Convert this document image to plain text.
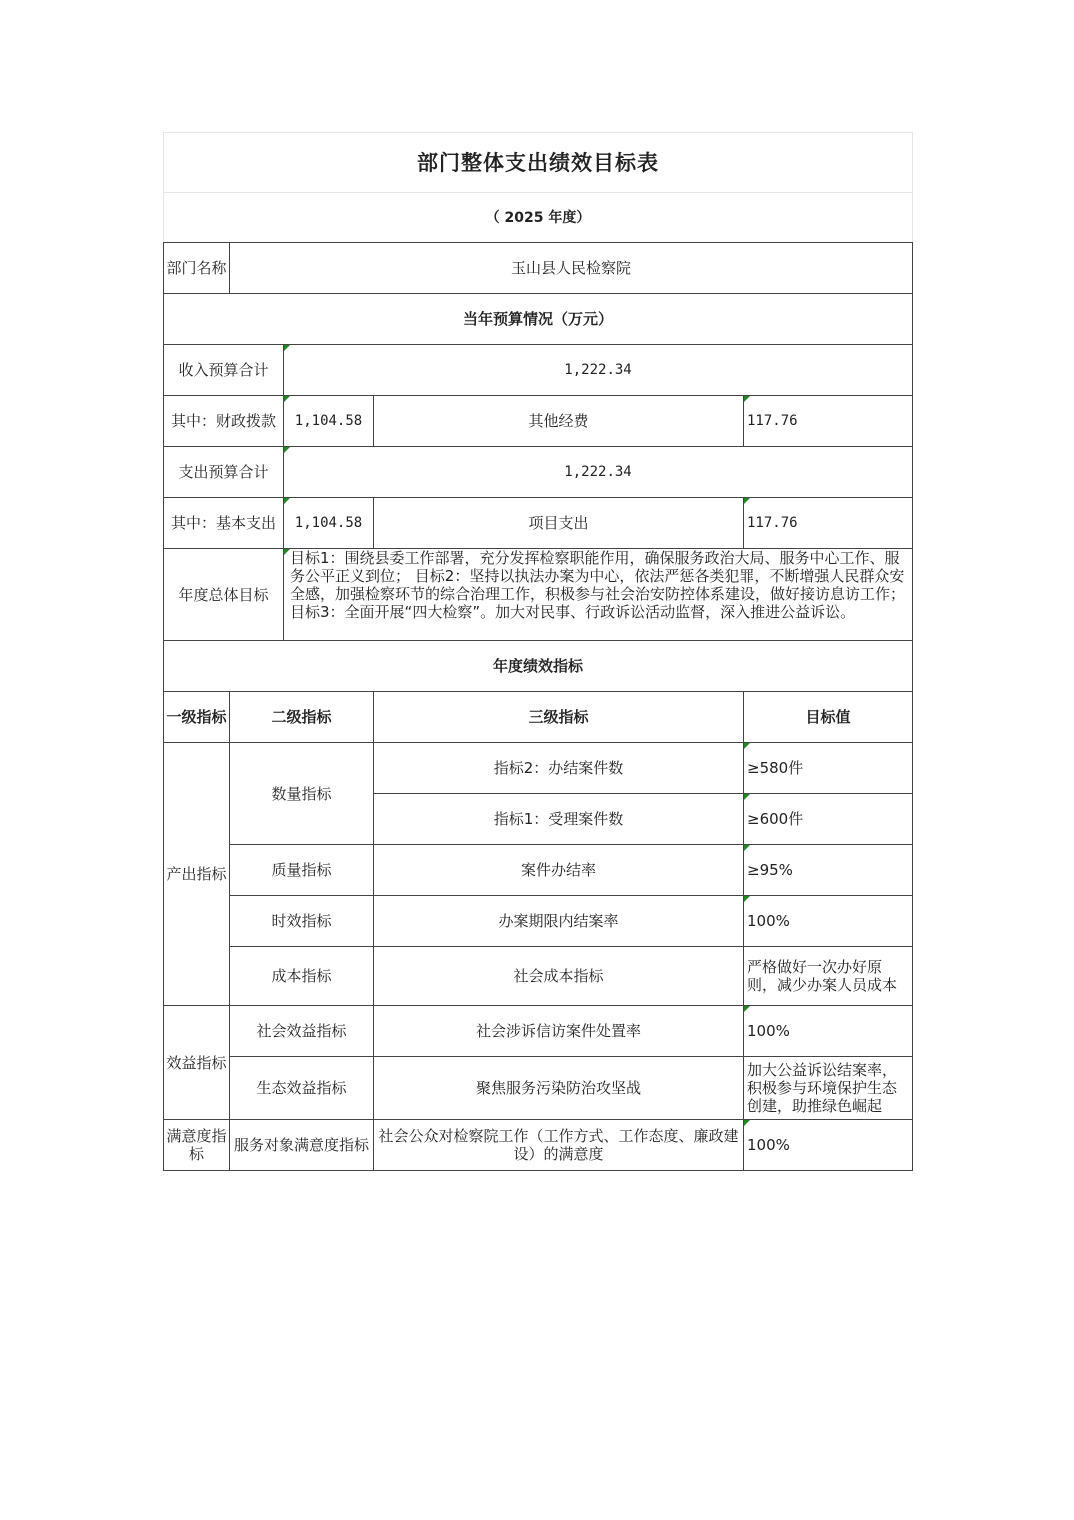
部门整体支出绩效目标表				
（ 2025 年度）				
部门名称	玉山县人民检察院			
当年预算情况（万元）				
收入预算合计		1,222.34		
其中：财政拨款		1,104.58	其他经费	117.76
支出预算合计		1,222.34		
其中：基本支出		1,104.58	项目支出	117.76
年度总体目标		目标1：围绕县委工作部署，充分发挥检察职能作用，确保服务政治大局、服务中心工作、服务公平正义到位； 目标2：坚持以执法办案为中心，依法严惩各类犯罪，不断增强人民群众安全感，加强检察环节的综合治理工作，积极参与社会治安防控体系建设，做好接访息访工作； 目标3：全面开展“四大检察”。加大对民事、行政诉讼活动监督，深入推进公益诉讼。		

年度绩效指标				
一级指标	二级指标		三级指标	目标值
产出指标	数量指标		指标2：办结案件数	≥580件
			指标1：受理案件数	≥600件
	质量指标		案件办结率	≥95%
	时效指标		办案期限内结案率	100%
	成本指标		社会成本指标	严格做好一次办好原则，减少办案人员成本
效益指标	社会效益指标		社会涉诉信访案件处置率	100%
	生态效益指标		聚焦服务污染防治攻坚战	加大公益诉讼结案率，积极参与环境保护生态创建，助推绿色崛起
满意度指标	服务对象满意度指标		社会公众对检察院工作（工作方式、工作态度、廉政建设）的满意度	100%
